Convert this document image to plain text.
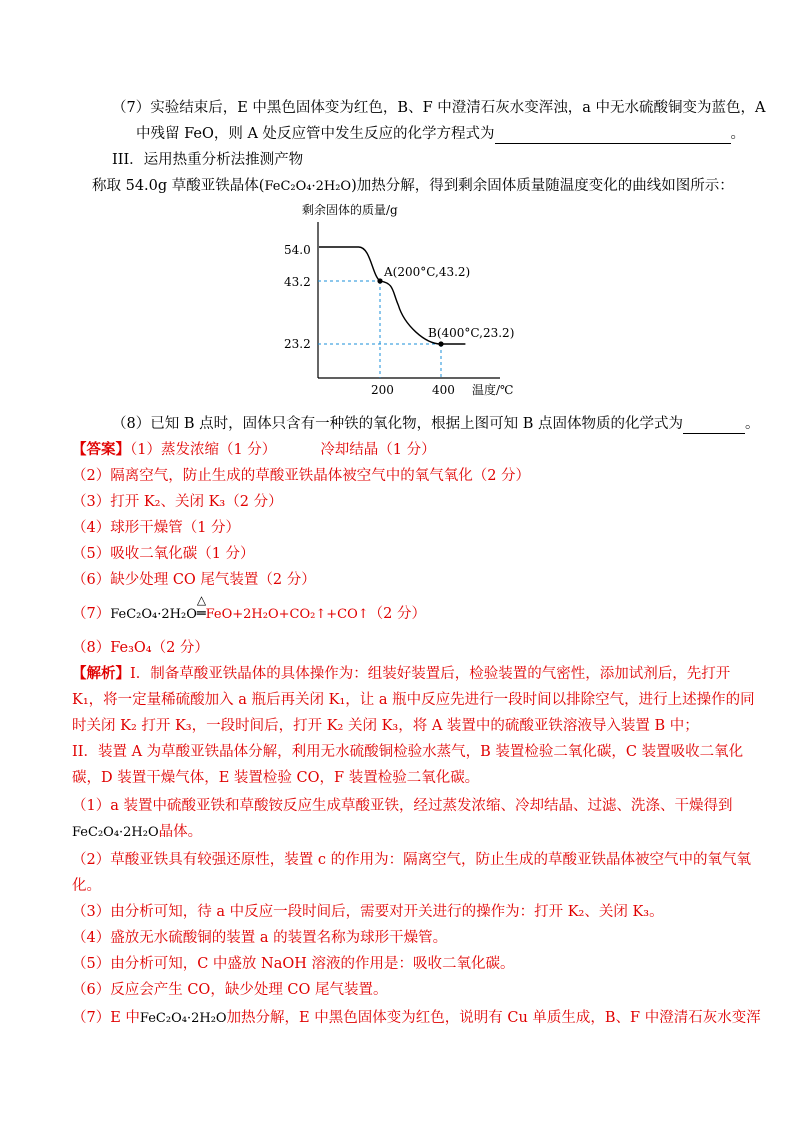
（7）实验结束后，E 中黑色固体变为红色，B、F 中澄清石灰水变浑浊，a 中无水硫酸铜变为蓝色，A
中残留 FeO，则 A 处反应管中发生反应的化学方程式为	。
III．运用热重分析法推测产物
称取 54.0g 草酸亚铁晶体(FeC₂O₄·2H₂O)加热分解，得到剩余固体质量随温度变化的曲线如图所示：
剩余固体的质量/g
温度/℃
54.0
43.2
23.2
200	400
A(200°C,43.2)
B(400°C,23.2)
（8）已知 B 点时，固体只含有一种铁的氧化物，根据上图可知 B 点固体物质的化学式为	。
【答案】（1）蒸发浓缩（1 分）	冷却结晶（1 分）
（2）隔离空气，防止生成的草酸亚铁晶体被空气中的氧气氧化（2 分）
（3）打开 K₂、关闭 K₃（2 分）
（4）球形干燥管（1 分）
（5）吸收二氧化碳（1 分）
（6）缺少处理 CO 尾气装置（2 分）
（7）FeC₂O₄·2H₂O
△
═FeO+2H₂O+CO₂↑+CO↑（2 分）
（8）Fe₃O₄（2 分）
【解析】I．制备草酸亚铁晶体的具体操作为：组装好装置后，检验装置的气密性，添加试剂后，先打开
K₁，将一定量稀硫酸加入 a 瓶后再关闭 K₁，让 a 瓶中反应先进行一段时间以排除空气，进行上述操作的同
时关闭 K₂ 打开 K₃，一段时间后，打开 K₂ 关闭 K₃，将 A 装置中的硫酸亚铁溶液导入装置 B 中；
II．装置 A 为草酸亚铁晶体分解，利用无水硫酸铜检验水蒸气，B 装置检验二氧化碳，C 装置吸收二氧化
碳，D 装置干燥气体，E 装置检验 CO，F 装置检验二氧化碳。
（1）a 装置中硫酸亚铁和草酸铵反应生成草酸亚铁，经过蒸发浓缩、冷却结晶、过滤、洗涤、干燥得到
FeC₂O₄·2H₂O晶体。
（2）草酸亚铁具有较强还原性，装置 c 的作用为：隔离空气，防止生成的草酸亚铁晶体被空气中的氧气氧
化。
（3）由分析可知，待 a 中反应一段时间后，需要对开关进行的操作为：打开 K₂、关闭 K₃。
（4）盛放无水硫酸铜的装置 a 的装置名称为球形干燥管。
（5）由分析可知，C 中盛放 NaOH 溶液的作用是：吸收二氧化碳。
（6）反应会产生 CO，缺少处理 CO 尾气装置。
（7）E 中FeC₂O₄·2H₂O加热分解，E 中黑色固体变为红色，说明有 Cu 单质生成，B、F 中澄清石灰水变浑
